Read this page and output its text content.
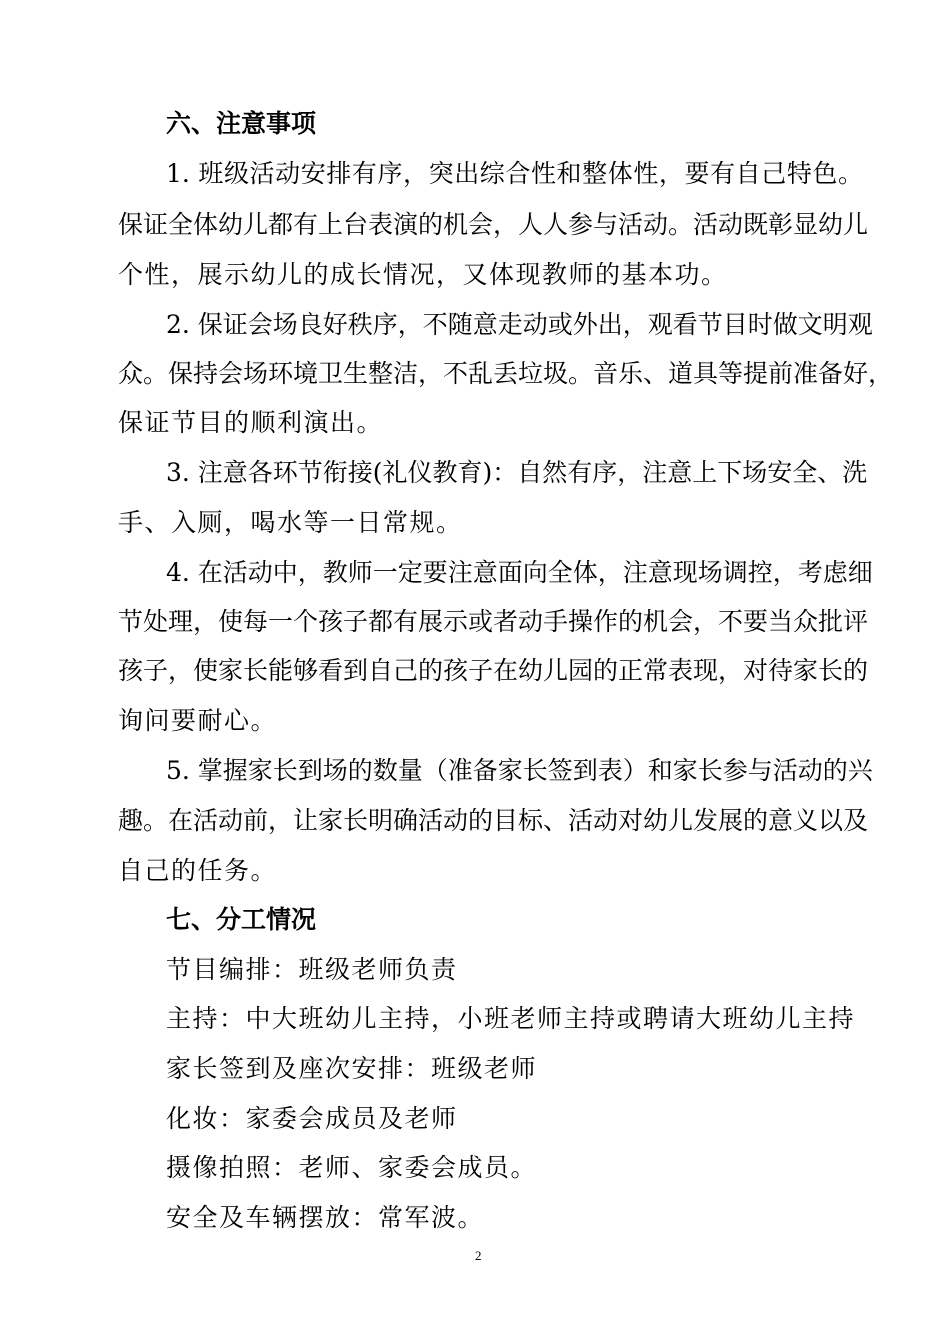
六、注意事项
1. 班级活动安排有序，突出综合性和整体性，要有自己特色。
保证全体幼儿都有上台表演的机会，人人参与活动。活动既彰显幼儿
个性，展示幼儿的成长情况，又体现教师的基本功。
2. 保证会场良好秩序，不随意走动或外出，观看节目时做文明观
众。保持会场环境卫生整洁，不乱丢垃圾。音乐、道具等提前准备好，
保证节目的顺利演出。
3. 注意各环节衔接(礼仪教育)：自然有序，注意上下场安全、洗
手、入厕，喝水等一日常规。
4. 在活动中，教师一定要注意面向全体，注意现场调控，考虑细
节处理，使每一个孩子都有展示或者动手操作的机会，不要当众批评
孩子，使家长能够看到自己的孩子在幼儿园的正常表现，对待家长的
询问要耐心。
5. 掌握家长到场的数量（准备家长签到表）和家长参与活动的兴
趣。在活动前，让家长明确活动的目标、活动对幼儿发展的意义以及
自己的任务。
七、分工情况
节目编排：班级老师负责
主持：中大班幼儿主持，小班老师主持或聘请大班幼儿主持
家长签到及座次安排：班级老师
化妆：家委会成员及老师
摄像拍照：老师、家委会成员。
安全及车辆摆放：常军波。
2
